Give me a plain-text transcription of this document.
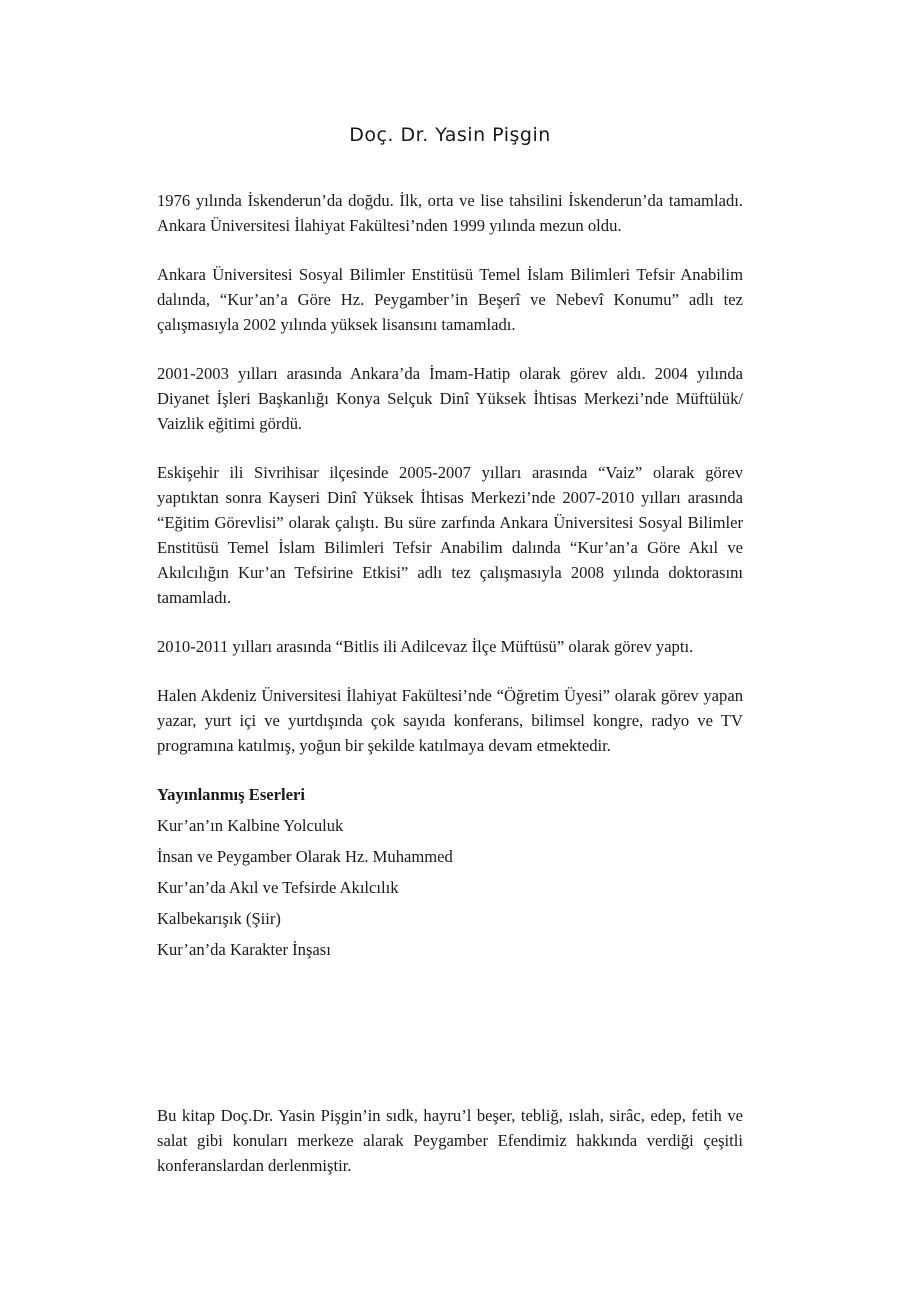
Doç. Dr. Yasin Pişgin

1976 yılında İskenderun’da doğdu. İlk, orta ve lise tahsilini İskenderun’da tamamladı. Ankara Üniversitesi İlahiyat Fakültesi’nden 1999 yılında mezun oldu.

Ankara Üniversitesi Sosyal Bilimler Enstitüsü Temel İslam Bilimleri Tefsir Anabilim dalında, “Kur’an’a Göre Hz. Peygamber’in Beşerî ve Nebevî Konumu” adlı tez çalışmasıyla 2002 yılında yüksek lisansını tamamladı.

2001-2003 yılları arasında Ankara’da İmam-Hatip olarak görev aldı. 2004 yılında Diyanet İşleri Başkanlığı Konya Selçuk Dinî Yüksek İhtisas Merkezi’nde Müftülük/ Vaizlik eğitimi gördü.

Eskişehir ili Sivrihisar ilçesinde 2005-2007 yılları arasında “Vaiz” olarak görev yaptıktan sonra Kayseri Dinî Yüksek İhtisas Merkezi’nde 2007-2010 yılları arasında “Eğitim Görevlisi” olarak çalıştı. Bu süre zarfında Ankara Üniversitesi Sosyal Bilimler Enstitüsü Temel İslam Bilimleri Tefsir Anabilim dalında “Kur’an’a Göre Akıl ve Akılcılığın Kur’an Tefsirine Etkisi” adlı tez çalışmasıyla 2008 yılında doktorasını tamamladı.

2010-2011 yılları arasında “Bitlis ili Adilcevaz İlçe Müftüsü” olarak görev yaptı.

Halen Akdeniz Üniversitesi İlahiyat Fakültesi’nde “Öğretim Üyesi” olarak görev yapan yazar, yurt içi ve yurtdışında çok sayıda konferans, bilimsel kongre, radyo ve TV programına katılmış, yoğun bir şekilde katılmaya devam etmektedir.

Yayınlanmış Eserleri
Kur’an’ın Kalbine Yolculuk
İnsan ve Peygamber Olarak Hz. Muhammed
Kur’an’da Akıl ve Tefsirde Akılcılık
Kalbekarışık (Şiir)
Kur’an’da Karakter İnşası

Bu kitap Doç.Dr. Yasin Pişgin’in sıdk, hayru’l beşer, tebliğ, ıslah, sirâc, edep, fetih ve salat gibi konuları merkeze alarak Peygamber Efendimiz hakkında verdiği çeşitli konferanslardan derlenmiştir.
